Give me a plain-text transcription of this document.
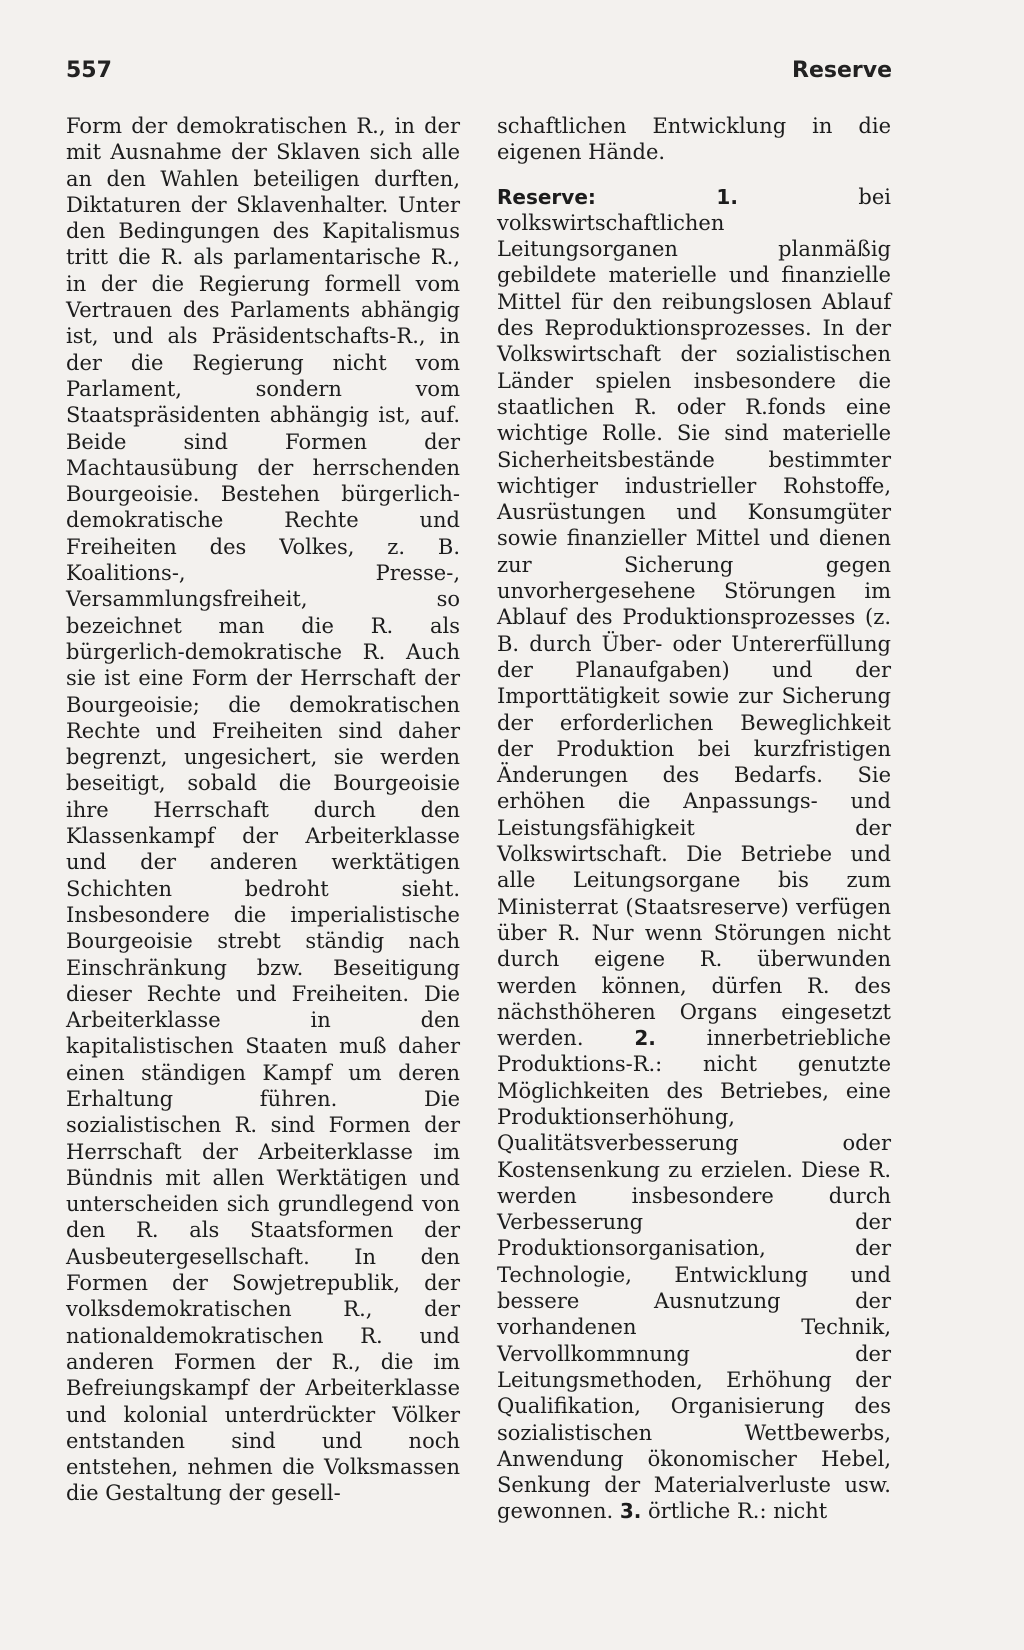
557	Reserve

Form der demokratischen R., in der mit Ausnahme der Sklaven sich alle an den Wahlen beteiligen durften, Diktaturen der Sklavenhalter. Unter den Bedingungen des Kapitalismus tritt die R. als parlamentarische R., in der die Regierung formell vom Vertrauen des Parlaments abhängig ist, und als Präsidentschafts-R., in der die Regierung nicht vom Parlament, sondern vom Staatspräsidenten abhängig ist, auf. Beide sind Formen der Machtausübung der herrschenden Bourgeoisie. Bestehen bürgerlich-demokratische Rechte und Freiheiten des Volkes, z. B. Koalitions-, Presse-, Versammlungsfreiheit, so bezeichnet man die R. als bürgerlich-demokratische R. Auch sie ist eine Form der Herrschaft der Bourgeoisie; die demokratischen Rechte und Freiheiten sind daher begrenzt, ungesichert, sie werden beseitigt, sobald die Bourgeoisie ihre Herrschaft durch den Klassenkampf der Arbeiterklasse und der anderen werktätigen Schichten bedroht sieht. Insbesondere die imperialistische Bourgeoisie strebt ständig nach Einschränkung bzw. Beseitigung dieser Rechte und Freiheiten. Die Arbeiterklasse in den kapitalistischen Staaten muß daher einen ständigen Kampf um deren Erhaltung führen. Die sozialistischen R. sind Formen der Herrschaft der Arbeiterklasse im Bündnis mit allen Werktätigen und unterscheiden sich grundlegend von den R. als Staatsformen der Ausbeutergesellschaft. In den Formen der Sowjetrepublik, der volksdemokratischen R., der nationaldemokratischen R. und anderen Formen der R., die im Befreiungskampf der Arbeiterklasse und kolonial unterdrückter Völker entstanden sind und noch entstehen, nehmen die Volksmassen die Gestaltung der gesell-

schaftlichen Entwicklung in die eigenen Hände.

Reserve:	1. bei volkswirtschaftlichen Leitungsorganen planmäßig gebildete materielle und finanzielle Mittel für den reibungslosen Ablauf des Reproduktionsprozesses. In der Volkswirtschaft der sozialistischen Länder spielen insbesondere die staatlichen R. oder R.fonds eine wichtige Rolle. Sie sind materielle Sicherheitsbestände bestimmter wichtiger industrieller Rohstoffe, Ausrüstungen und Konsumgüter sowie finanzieller Mittel und dienen zur Sicherung gegen unvorhergesehene Störungen im Ablauf des Produktionsprozesses (z. B. durch Über- oder Untererfüllung der Planaufgaben) und der Importtätigkeit sowie zur Sicherung der erforderlichen Beweglichkeit der Produktion bei kurzfristigen Änderungen des Bedarfs. Sie erhöhen die Anpassungs- und Leistungsfähigkeit der Volkswirtschaft. Die Betriebe und alle Leitungsorgane bis zum Ministerrat (Staatsreserve) verfügen über R. Nur wenn Störungen nicht durch eigene R. überwunden werden können, dürfen R. des nächsthöheren Organs eingesetzt werden. 2. innerbetriebliche Produktions-R.: nicht genutzte Möglichkeiten des Betriebes, eine Produktionserhöhung, Qualitätsverbesserung oder Kostensenkung zu erzielen. Diese R. werden insbesondere durch Verbesserung der Produktionsorganisation, der Technologie, Entwicklung und bessere Ausnutzung der vorhandenen Technik, Vervollkommnung der Leitungsmethoden, Erhöhung der Qualifikation, Organisierung des sozialistischen Wettbewerbs, Anwendung ökonomischer Hebel, Senkung der Materialverluste usw. gewonnen. 3. örtliche R.: nicht
